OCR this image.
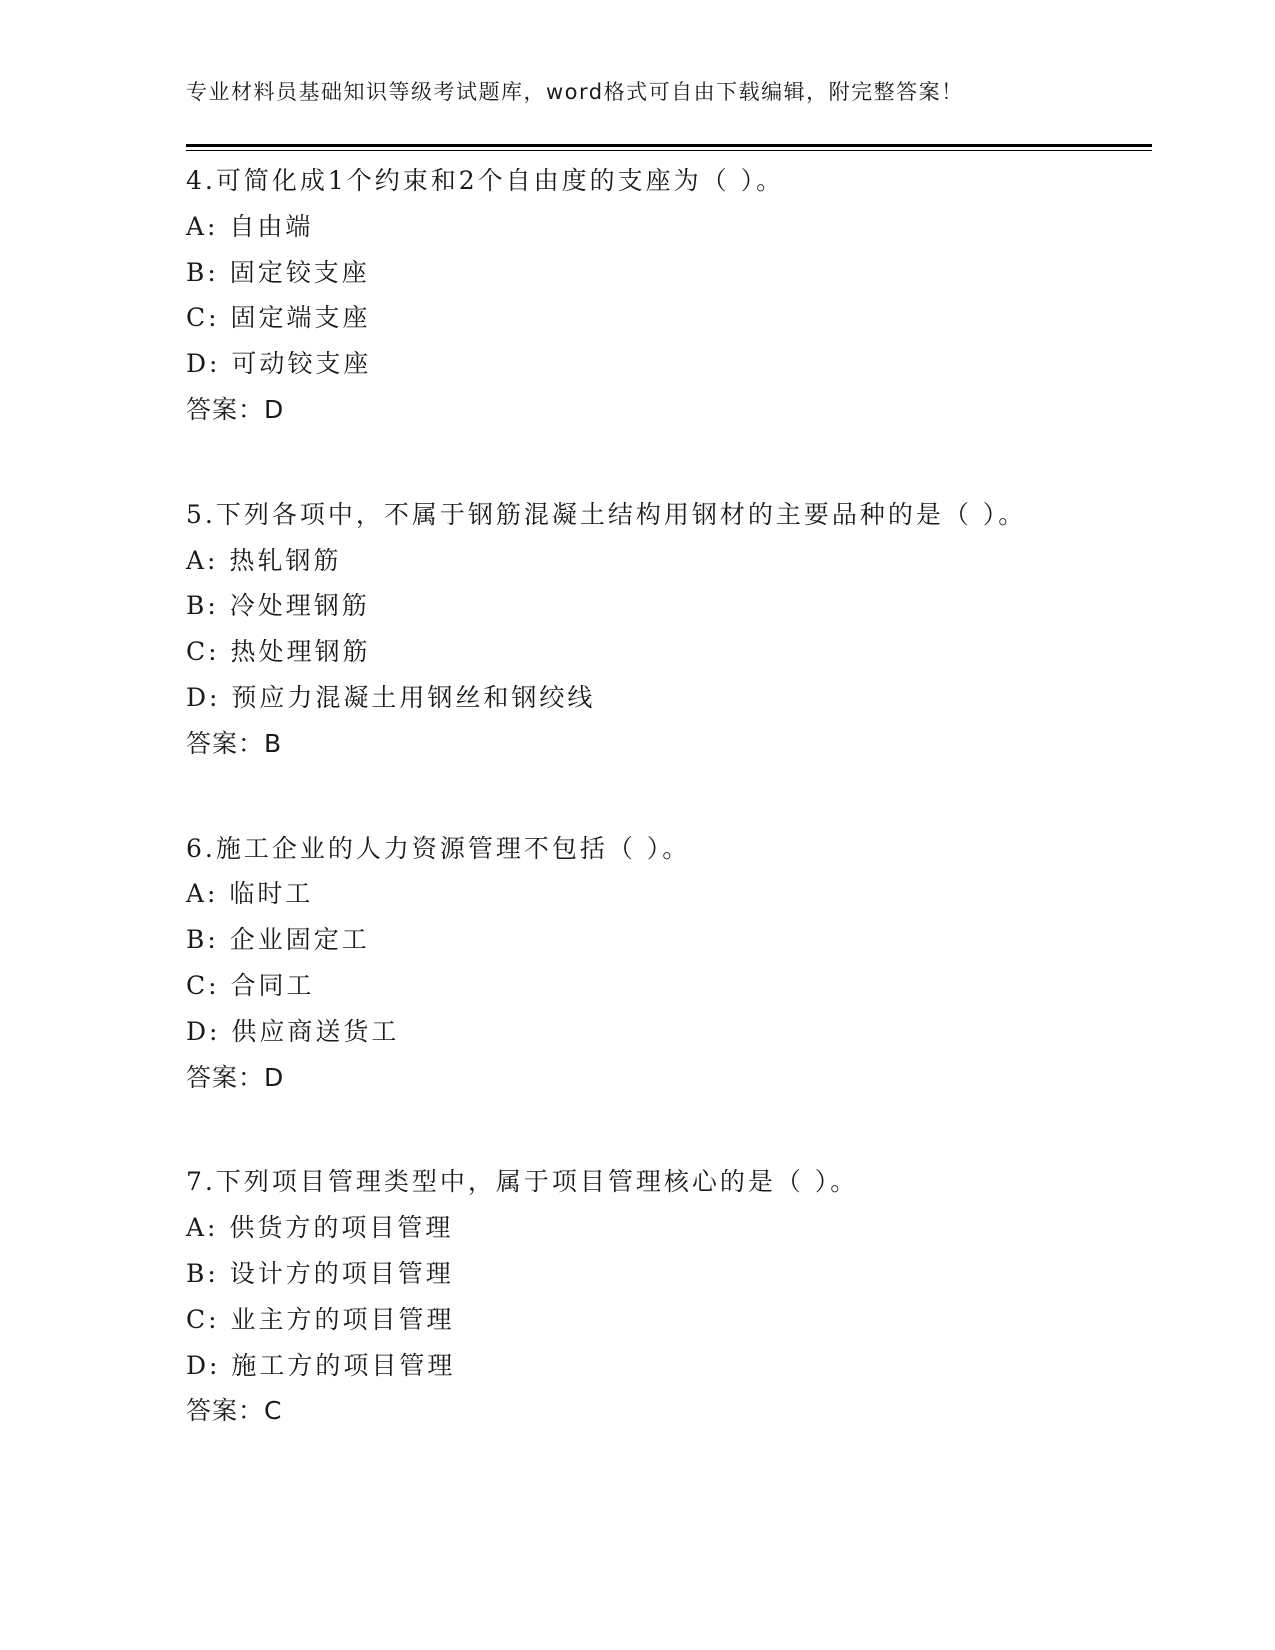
专业材料员基础知识等级考试题库，word格式可自由下载编辑，附完整答案！
4.可简化成1个约束和2个自由度的支座为（ ）。
A: 自由端
B: 固定铰支座
C: 固定端支座
D: 可动铰支座
答案：D
5.下列各项中，不属于钢筋混凝土结构用钢材的主要品种的是（ ）。
A: 热轧钢筋
B: 冷处理钢筋
C: 热处理钢筋
D: 预应力混凝土用钢丝和钢绞线
答案：B
6.施工企业的人力资源管理不包括（ ）。
A: 临时工
B: 企业固定工
C: 合同工
D: 供应商送货工
答案：D
7.下列项目管理类型中，属于项目管理核心的是（ ）。
A: 供货方的项目管理
B: 设计方的项目管理
C: 业主方的项目管理
D: 施工方的项目管理
答案：C
